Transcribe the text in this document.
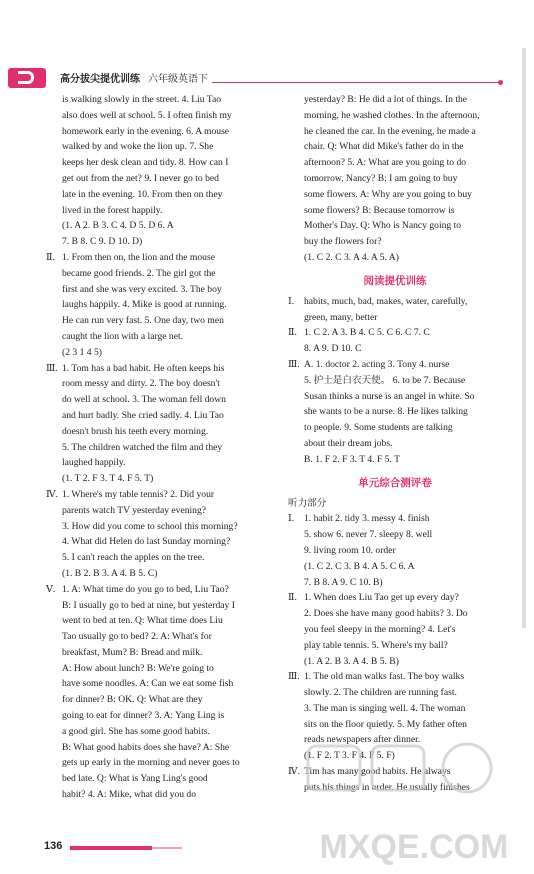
高分拔尖提优训练 六年级英语下

is walking slowly in the street. 4. Liu Tao

also does well at school. 5. I often finish my

homework early in the evening. 6. A mouse

walked by and woke the lion up. 7. She

keeps her desk clean and tidy. 8. How can I

get out from the net? 9. I never go to bed

late in the evening. 10. From then on they

lived in the forest happily.

(1. A 2. B 3. C 4. D 5. D 6. A

7. B 8. C 9. D 10. D)

Ⅱ. 1. From then on, the lion and the mouse

became good friends. 2. The girl got the

first and she was very excited. 3. The boy

laughs happily. 4. Mike is good at running.

He can run very fast. 5. One day, two men

caught the lion with a large net.

(2 3 1 4 5)

Ⅲ. 1. Tom has a bad habit. He often keeps his

room messy and dirty. 2. The boy doesn't

do well at school. 3. The woman fell down

and hurt badly. She cried sadly. 4. Liu Tao

doesn't brush his teeth every morning.

5. The children watched the film and they

laughed happily.

(1. T 2. F 3. T 4. F 5. T)

Ⅳ. 1. Where's my table tennis? 2. Did your

parents watch TV yesterday evening?

3. How did you come to school this morning?

4. What did Helen do last Sunday morning?

5. I can't reach the apples on the tree.

(1. B 2. B 3. A 4. B 5. C)

Ⅴ. 1. A: What time do you go to bed, Liu Tao?

B: I usually go to bed at nine, but yesterday I

went to bed at ten. Q: What time does Liu

Tao usually go to bed? 2. A: What's for

breakfast, Mum? B: Bread and milk.

A: How about lunch? B: We're going to

have some noodles. A: Can we eat some fish

for dinner? B: OK. Q: What are they

going to eat for dinner? 3. A: Yang Ling is

a good girl. She has some good habits.

B: What good habits does she have? A: She

gets up early in the morning and never goes to

bed late. Q: What is Yang Ling's good

habit? 4. A: Mike, what did you do

yesterday? B: He did a lot of things. In the

morning, he washed clothes. In the afternoon,

he cleaned the car. In the evening, he made a

chair. Q: What did Mike's father do in the

afternoon? 5. A: What are you going to do

tomorrow, Nancy? B: I am going to buy

some flowers. A: Why are you going to buy

some flowers? B: Because tomorrow is

Mother's Day. Q: Who is Nancy going to

buy the flowers for?

(1. C 2. C 3. A 4. A 5. A)

阅读提优训练

Ⅰ. habits, much, bad, makes, water, carefully,

green, many, better

Ⅱ. 1. C 2. A 3. B 4. C 5. C 6. C 7. C

8. A 9. D 10. C

Ⅲ. A. 1. doctor 2. acting 3. Tony 4. nurse

5. 护士是白衣天使。 6. to be 7. Because

Susan thinks a nurse is an angel in white. So

she wants to be a nurse. 8. He likes talking

to people. 9. Some students are talking

about their dream jobs.

B. 1. F 2. F 3. T 4. F 5. T

单元综合测评卷

听力部分

Ⅰ. 1. habit 2. tidy 3. messy 4. finish

5. show 6. never 7. sleepy 8. well

9. living room 10. order

(1. C 2. C 3. B 4. A 5. C 6. A

7. B 8. A 9. C 10. B)

Ⅱ. 1. When does Liu Tao get up every day?

2. Does she have many good habits? 3. Do

you feel sleepy in the morning? 4. Let's

play table tennis. 5. Where's my ball?

(1. A 2. B 3. A 4. B 5. B)

Ⅲ. 1. The old man walks fast. The boy walks

slowly. 2. The children are running fast.

3. The man is singing well. 4. The woman

sits on the floor quietly. 5. My father often

reads newspapers after dinner.

(1. F 2. T 3. F 4. F 5. F)

Ⅳ. Tim has many good habits. He always

puts his things in order. He usually finishes

136	MXQE.COM
